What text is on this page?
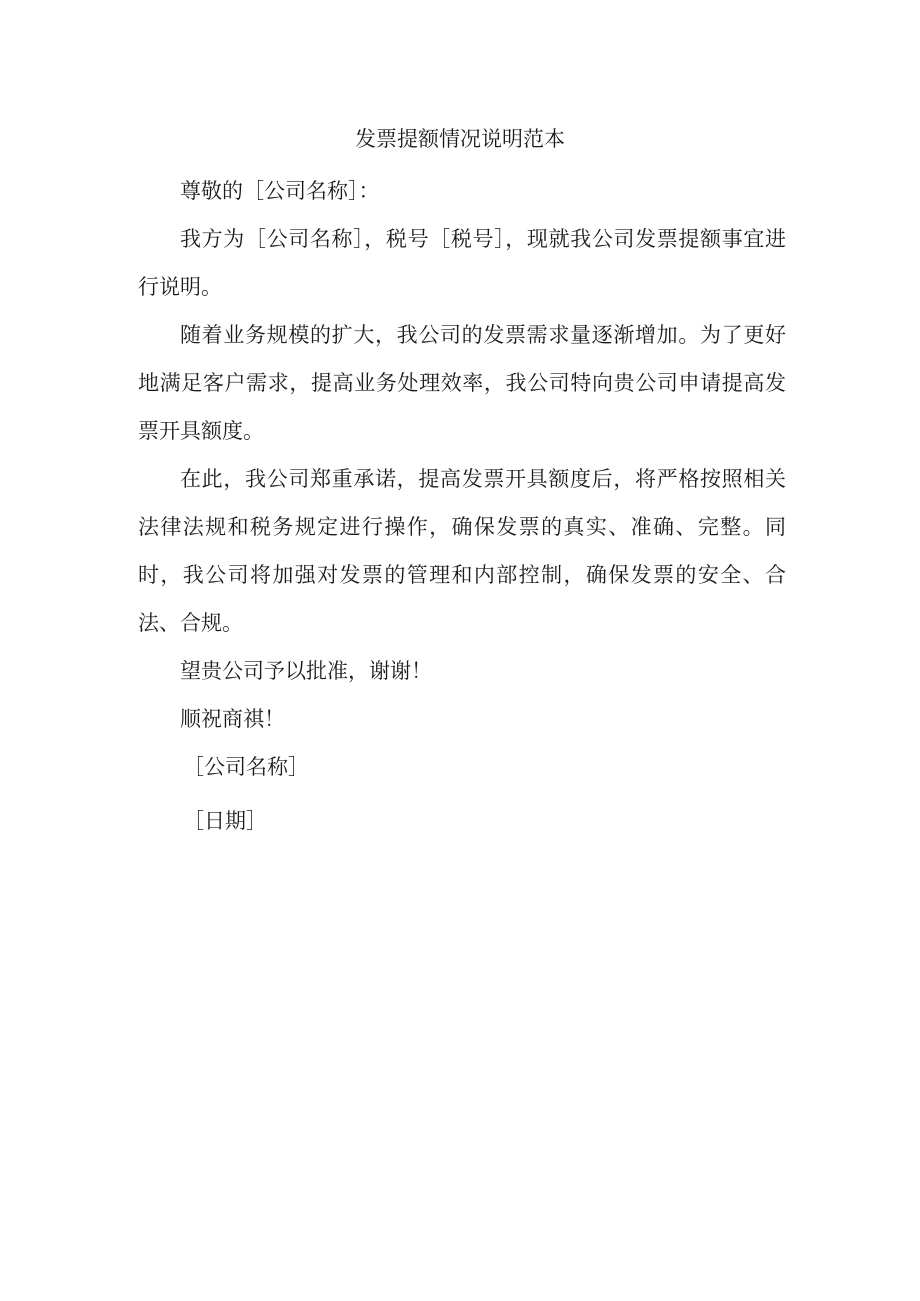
发票提额情况说明范本

尊敬的［公司名称］：

我方为［公司名称］，税号［税号］，现就我公司发票提额事宜进行说明。

随着业务规模的扩大，我公司的发票需求量逐渐增加。为了更好地满足客户需求，提高业务处理效率，我公司特向贵公司申请提高发票开具额度。

在此，我公司郑重承诺，提高发票开具额度后，将严格按照相关法律法规和税务规定进行操作，确保发票的真实、准确、完整。同时，我公司将加强对发票的管理和内部控制，确保发票的安全、合法、合规。

望贵公司予以批准，谢谢！

顺祝商祺！

［公司名称］

［日期］
